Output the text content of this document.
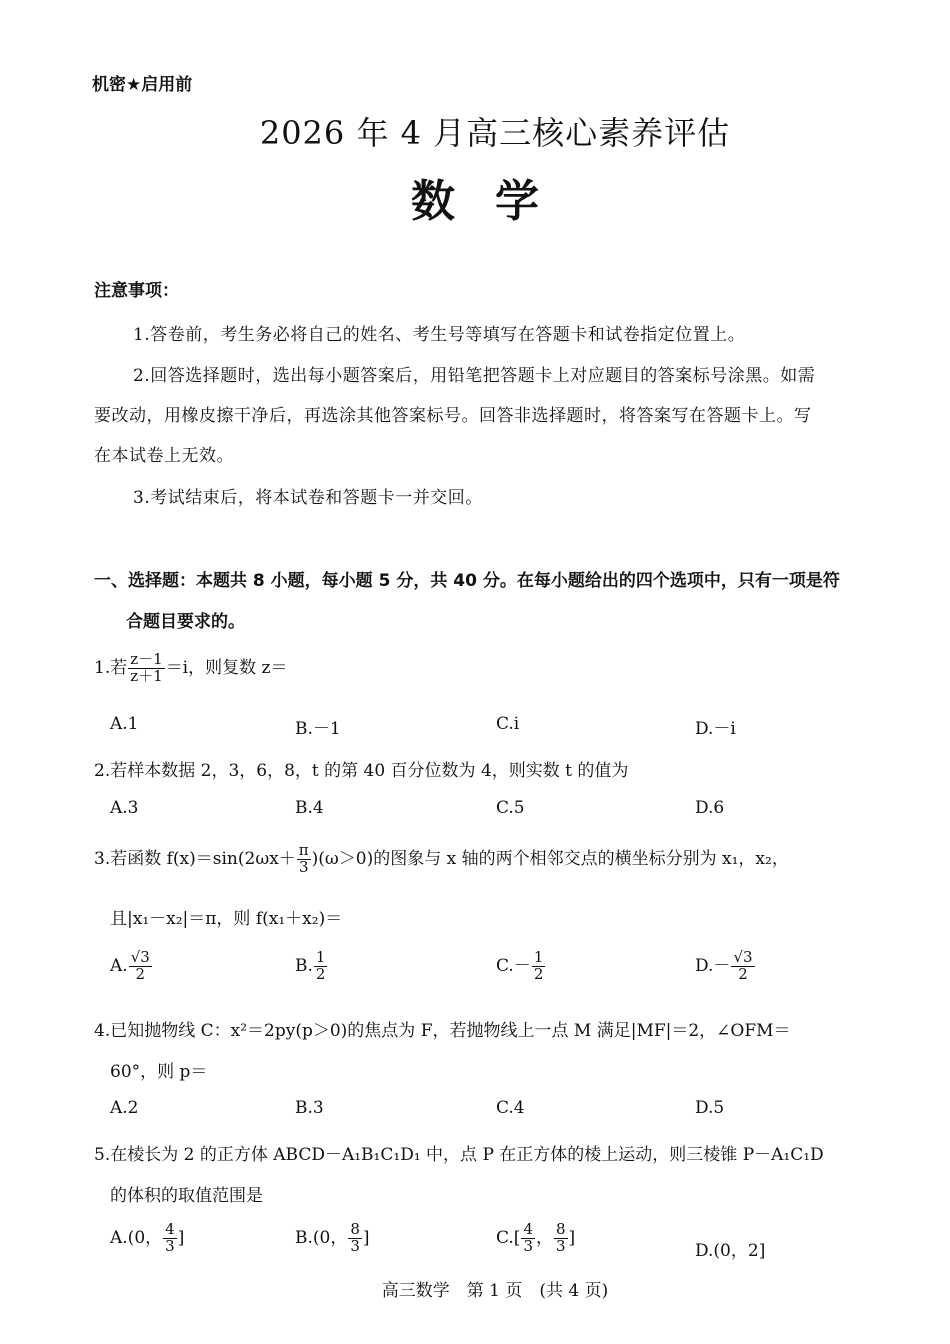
机密★启用前
2026 年 4 月高三核心素养评估
数学
注意事项：
1.答卷前，考生务必将自己的姓名、考生号等填写在答题卡和试卷指定位置上。
2.回答选择题时，选出每小题答案后，用铅笔把答题卡上对应题目的答案标号涂黑。如需
要改动，用橡皮擦干净后，再选涂其他答案标号。回答非选择题时，将答案写在答题卡上。写
在本试卷上无效。
3.考试结束后，将本试卷和答题卡一并交回。
一、选择题：本题共 8 小题，每小题 5 分，共 40 分。在每小题给出的四个选项中，只有一项是符
合题目要求的。
1.若 $\frac{z-1}{z+1} =i$，则复数 z＝
A.1	B.－1	C.i	D.－i
2.若样本数据 2，3，6，8，t 的第 40 百分位数为 4，则实数 t 的值为
A.3	B.4	C.5	D.6
3.若函数 $f(x)=\sin(2\omega x+ \frac{\pi}{3} )(\omega>0)$的图象与 x 轴的两个相邻交点的横坐标分别为 x₁，x₂，
且|x₁－x₂|＝π，则 f(x₁＋x₂)＝
A. $\frac{√3}{2}$	B. $\frac{1}{2}$	$C.- \frac{1}{2}$	$D.- \frac{√3}{2}$
4.已知抛物线 C：x²＝2py(p＞0)的焦点为 F，若抛物线上一点 M 满足|MF|＝2，∠OFM＝
60°，则 p＝
A.2	B.3	C.4	D.5
5.在棱长为 2 的正方体 ABCD－A₁B₁C₁D₁ 中，点 P 在正方体的棱上运动，则三棱锥 P－A₁C₁D
的体积的取值范围是
A.(0， $\frac{4}{3}$ ]	B.(0， $\frac{8}{3}$ ]	$C.[ \frac{4}{3}$ ， $\frac{8}{3}$ ]
D.(0，2]
高三数学　第 1 页　(共 4 页)
